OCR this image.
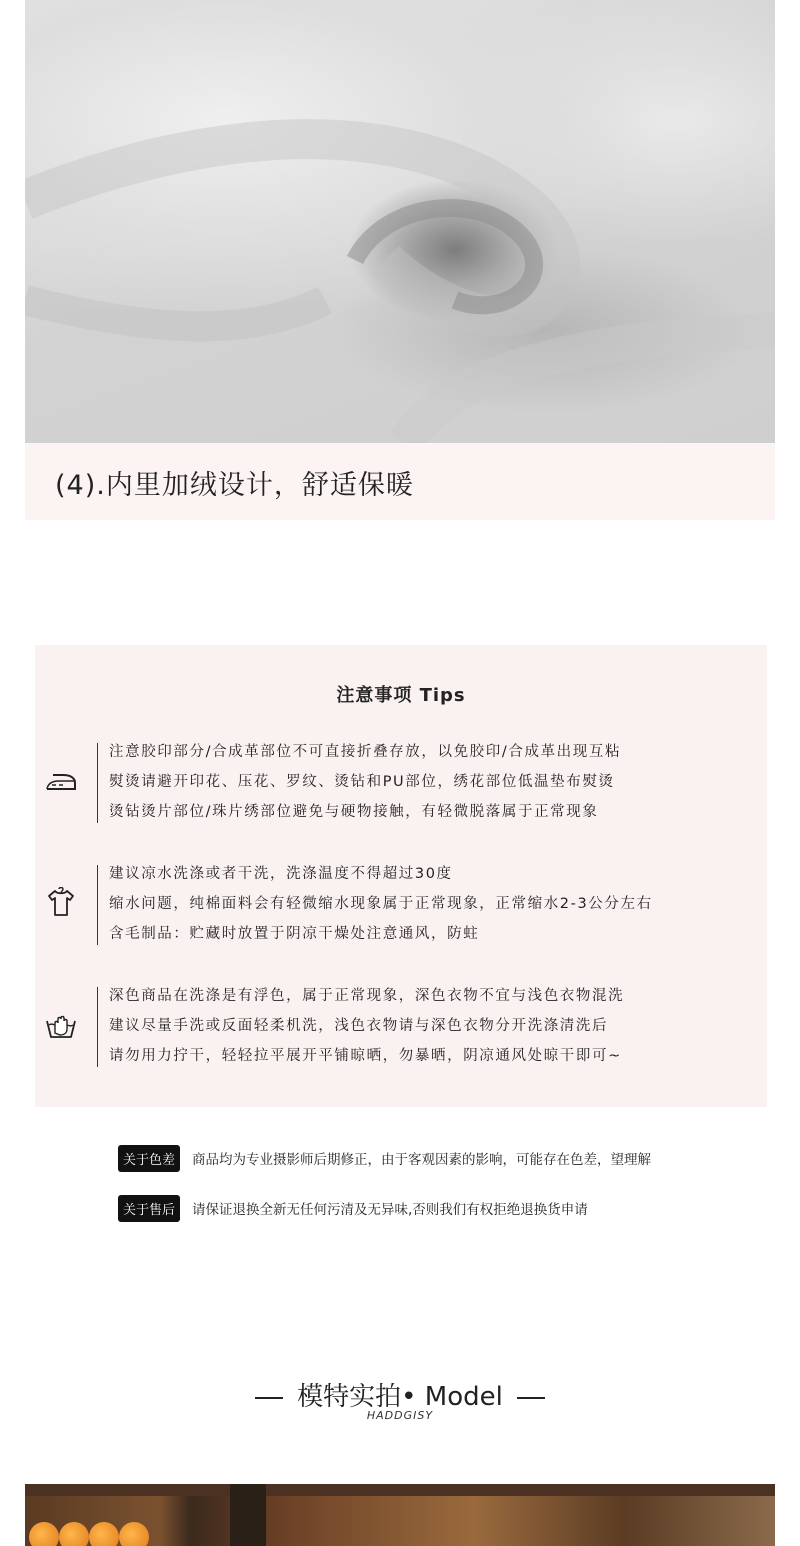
(4).内里加绒设计，舒适保暖
注意事项 Tips
注意胶印部分/合成革部位不可直接折叠存放，以免胶印/合成革出现互粘
熨烫请避开印花、压花、罗纹、烫钻和PU部位，绣花部位低温垫布熨烫
烫钻烫片部位/珠片绣部位避免与硬物接触，有轻微脱落属于正常现象
建议凉水洗涤或者干洗，洗涤温度不得超过30度
缩水问题，纯棉面料会有轻微缩水现象属于正常现象，正常缩水2-3公分左右
含毛制品：贮藏时放置于阴凉干燥处注意通风，防蛀
深色商品在洗涤是有浮色，属于正常现象，深色衣物不宜与浅色衣物混洗
建议尽量手洗或反面轻柔机洗，浅色衣物请与深色衣物分开洗涤清洗后
请勿用力拧干，轻轻拉平展开平铺晾晒，勿暴晒，阴凉通风处晾干即可~
关于色差	商品均为专业摄影师后期修正，由于客观因素的影响，可能存在色差，望理解
关于售后	请保证退换全新无任何污清及无异味,否则我们有权拒绝退换货申请
模特实拍• Model
HADDGISY
